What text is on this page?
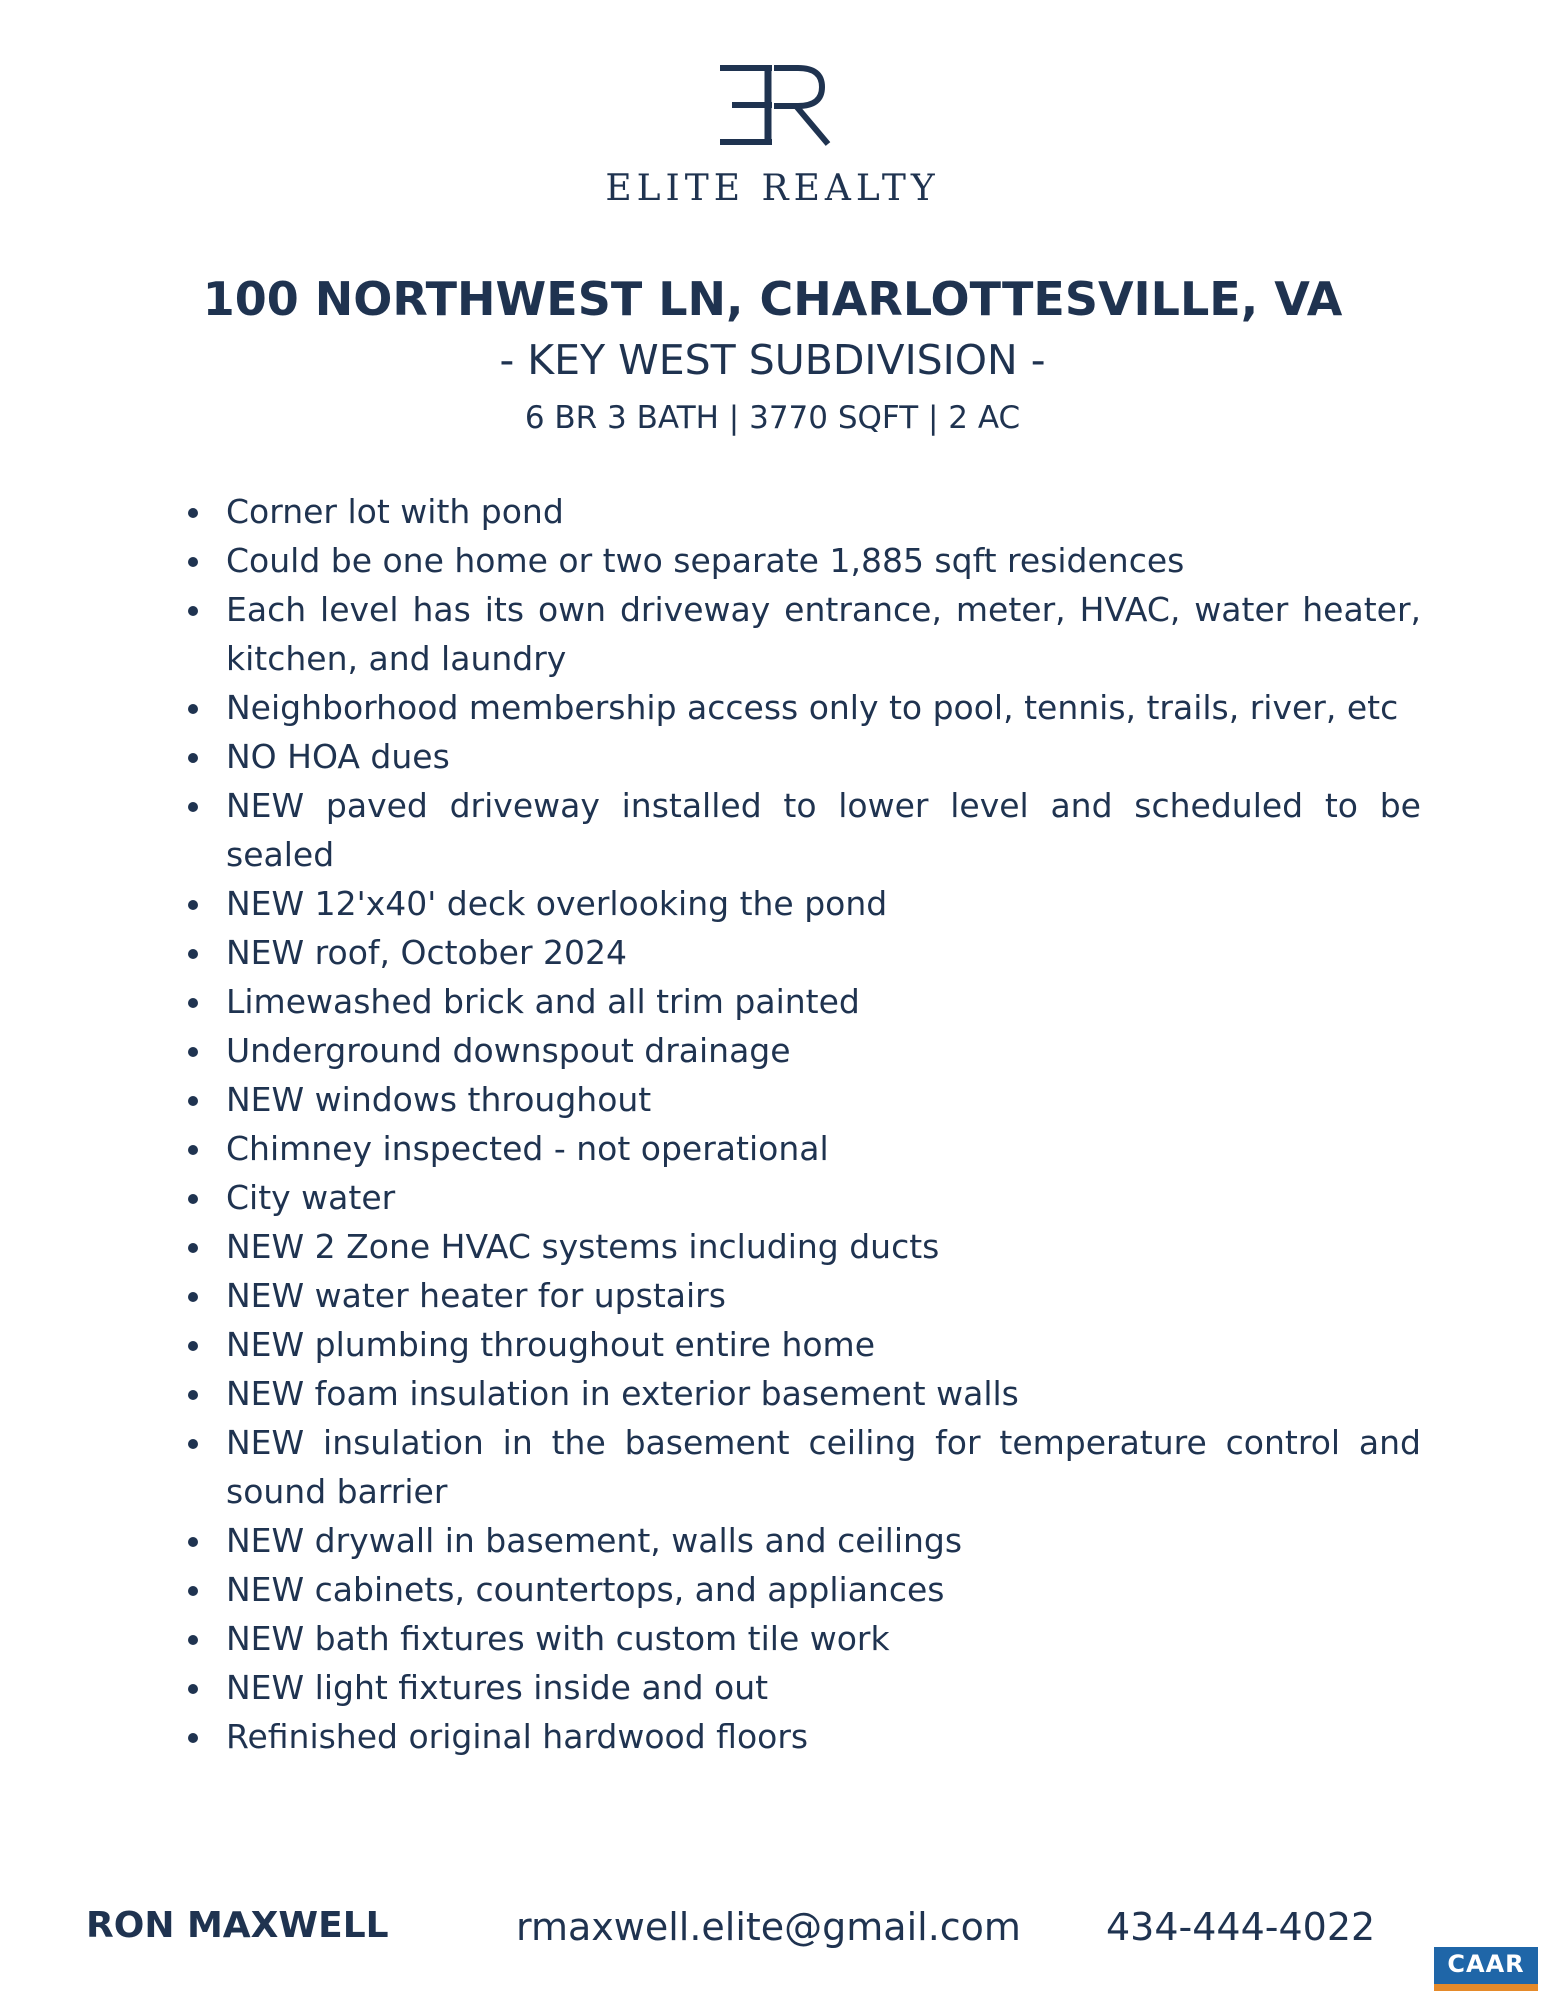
ELITE REALTY
100 NORTHWEST LN, CHARLOTTESVILLE, VA
- KEY WEST SUBDIVISION -
6 BR 3 BATH | 3770 SQFT | 2 AC
Corner lot with pond
Could be one home or two separate 1,885 sqft residences
Each level has its own driveway entrance, meter, HVAC, water heater, kitchen, and laundry
Neighborhood membership access only to pool, tennis, trails, river, etc
NO HOA dues
NEW paved driveway installed to lower level and scheduled to be sealed
NEW 12'x40' deck overlooking the pond
NEW roof, October 2024
Limewashed brick and all trim painted
Underground downspout drainage
NEW windows throughout
Chimney inspected - not operational
City water
NEW 2 Zone HVAC systems including ducts
NEW water heater for upstairs
NEW plumbing throughout entire home
NEW foam insulation in exterior basement walls
NEW insulation in the basement ceiling for temperature control and sound barrier
NEW drywall in basement, walls and ceilings
NEW cabinets, countertops, and appliances
NEW bath fixtures with custom tile work
NEW light fixtures inside and out
Refinished original hardwood floors
RON MAXWELL	rmaxwell.elite@gmail.com 434-444-4022
CAAR
